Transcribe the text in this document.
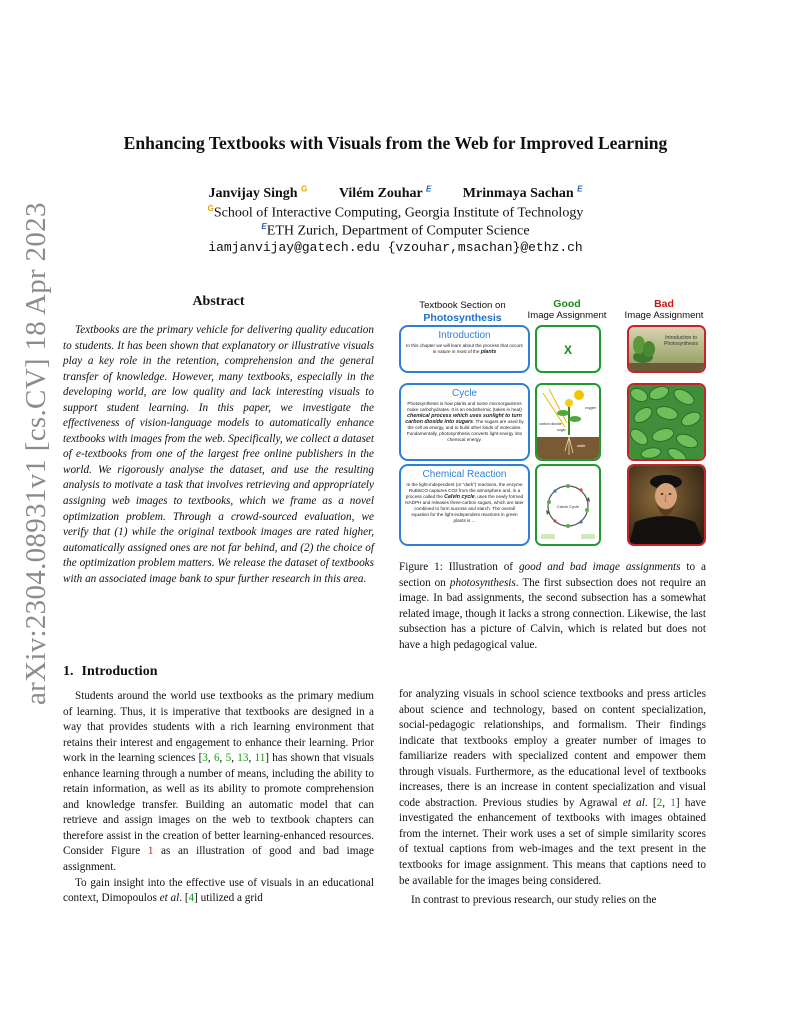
arXiv:2304.08931v1 [cs.CV] 18 Apr 2023
Enhancing Textbooks with Visuals from the Web for Improved Learning
Janvijay Singh $^G$ Vilém Zouhar $^E$ Mrinmaya Sachan $^E$
$^G$School of Interactive Computing, Georgia Institute of Technology
$^E$ETH Zurich, Department of Computer Science
iamjanvijay@gatech.edu {vzouhar,msachan}@ethz.ch
Abstract
Textbooks are the primary vehicle for delivering quality education to students. It has been shown that explanatory or illustrative visuals play a key role in the retention, comprehension and the general transfer of knowledge. However, many textbooks, especially in the developing world, are low quality and lack interesting visuals to support student learning. In this paper, we investigate the effectiveness of vision-language models to automatically enhance textbooks with images from the web. Specifically, we collect a dataset of e-textbooks from one of the largest free online publishers in the world. We rigorously analyse the dataset, and use the resulting analysis to motivate a task that involves retrieving and appropriately assigning web images to textbooks, which we frame as a novel optimization problem. Through a crowd-sourced evaluation, we verify that (1) while the original textbook images are rated higher, automatically assigned ones are not far behind, and (2) the choice of the optimization problem matters. We release the dataset of textbooks with an associated image bank to spur further research in this area.
1. Introduction

Students around the world use textbooks as the primary medium of learning. Thus, it is imperative that textbooks are designed in a way that provides students with a rich learning environment that retains their interest and engagement to enhance their learning. Prior work in the learning sciences [3, 6, 5, 13, 11] has shown that visuals enhance learning through a number of means, including the ability to retain information, as well as its ability to promote comprehension and knowledge transfer. Building an automatic model that can retrieve and assign images on the web to textbook chapters can therefore assist in the creation of better learning-enhanced resources. Consider Figure 1 as an illustration of good and bad image assignment.

To gain insight into the effective use of visuals in an educational context, Dimopoulos et al. [4] utilized a grid

Textbook Section on
Photosynthesis
Good
Image Assignment
Bad
Image Assignment
Introduction
In this chapter we will learn about the process that occurs in nature in most of the plants	X
Introduction to Photosynthesis
Cycle
Photosynthesis is how plants and some microorganisms make carbohydrates. It is an endothermic (takes in heat) chemical process which uses sunlight to turn carbon dioxide into sugars. The sugars are used by the cell as energy, and to build other kinds of molecules. Fundamentally, photosynthesis converts light energy into chemical energy.
carbon dioxide
oxygen
water
sugar
Chemical Reaction
In the light-independent (or "dark") reactions, the enzyme RuBisCO captures CO2 from the atmosphere and, in a process called the Calvin cycle, uses the newly formed NADPH and releases three-carbon sugars, which are later combined to form sucrose and starch. The overall equation for the light-independent reactions in green plants is ...
Calvin Cycle
Figure 1: Illustration of good and bad image assignments to a section on photosynthesis. The first subsection does not require an image. In bad assignments, the second subsection has a somewhat related image, though it lacks a strong connection. Likewise, the last subsection has a picture of Calvin, which is related but does not have a high pedagogical value.

for analyzing visuals in school science textbooks and press articles about science and technology, based on content specialization, social-pedagogic relationships, and formalism. Their findings indicate that textbooks employ a greater number of images to familiarize readers with specialized content and empower them through visuals. Furthermore, as the educational level of textbooks increases, there is an increase in content specialization and visual code abstraction. Previous studies by Agrawal et al. [2, 1] have investigated the enhancement of textbooks with images obtained from the internet. Their work uses a set of simple similarity scores of textual captions from web-images and the text present in the textbooks for image assignment. This means that captions need to be available for the images being considered.

In contrast to previous research, our study relies on the
